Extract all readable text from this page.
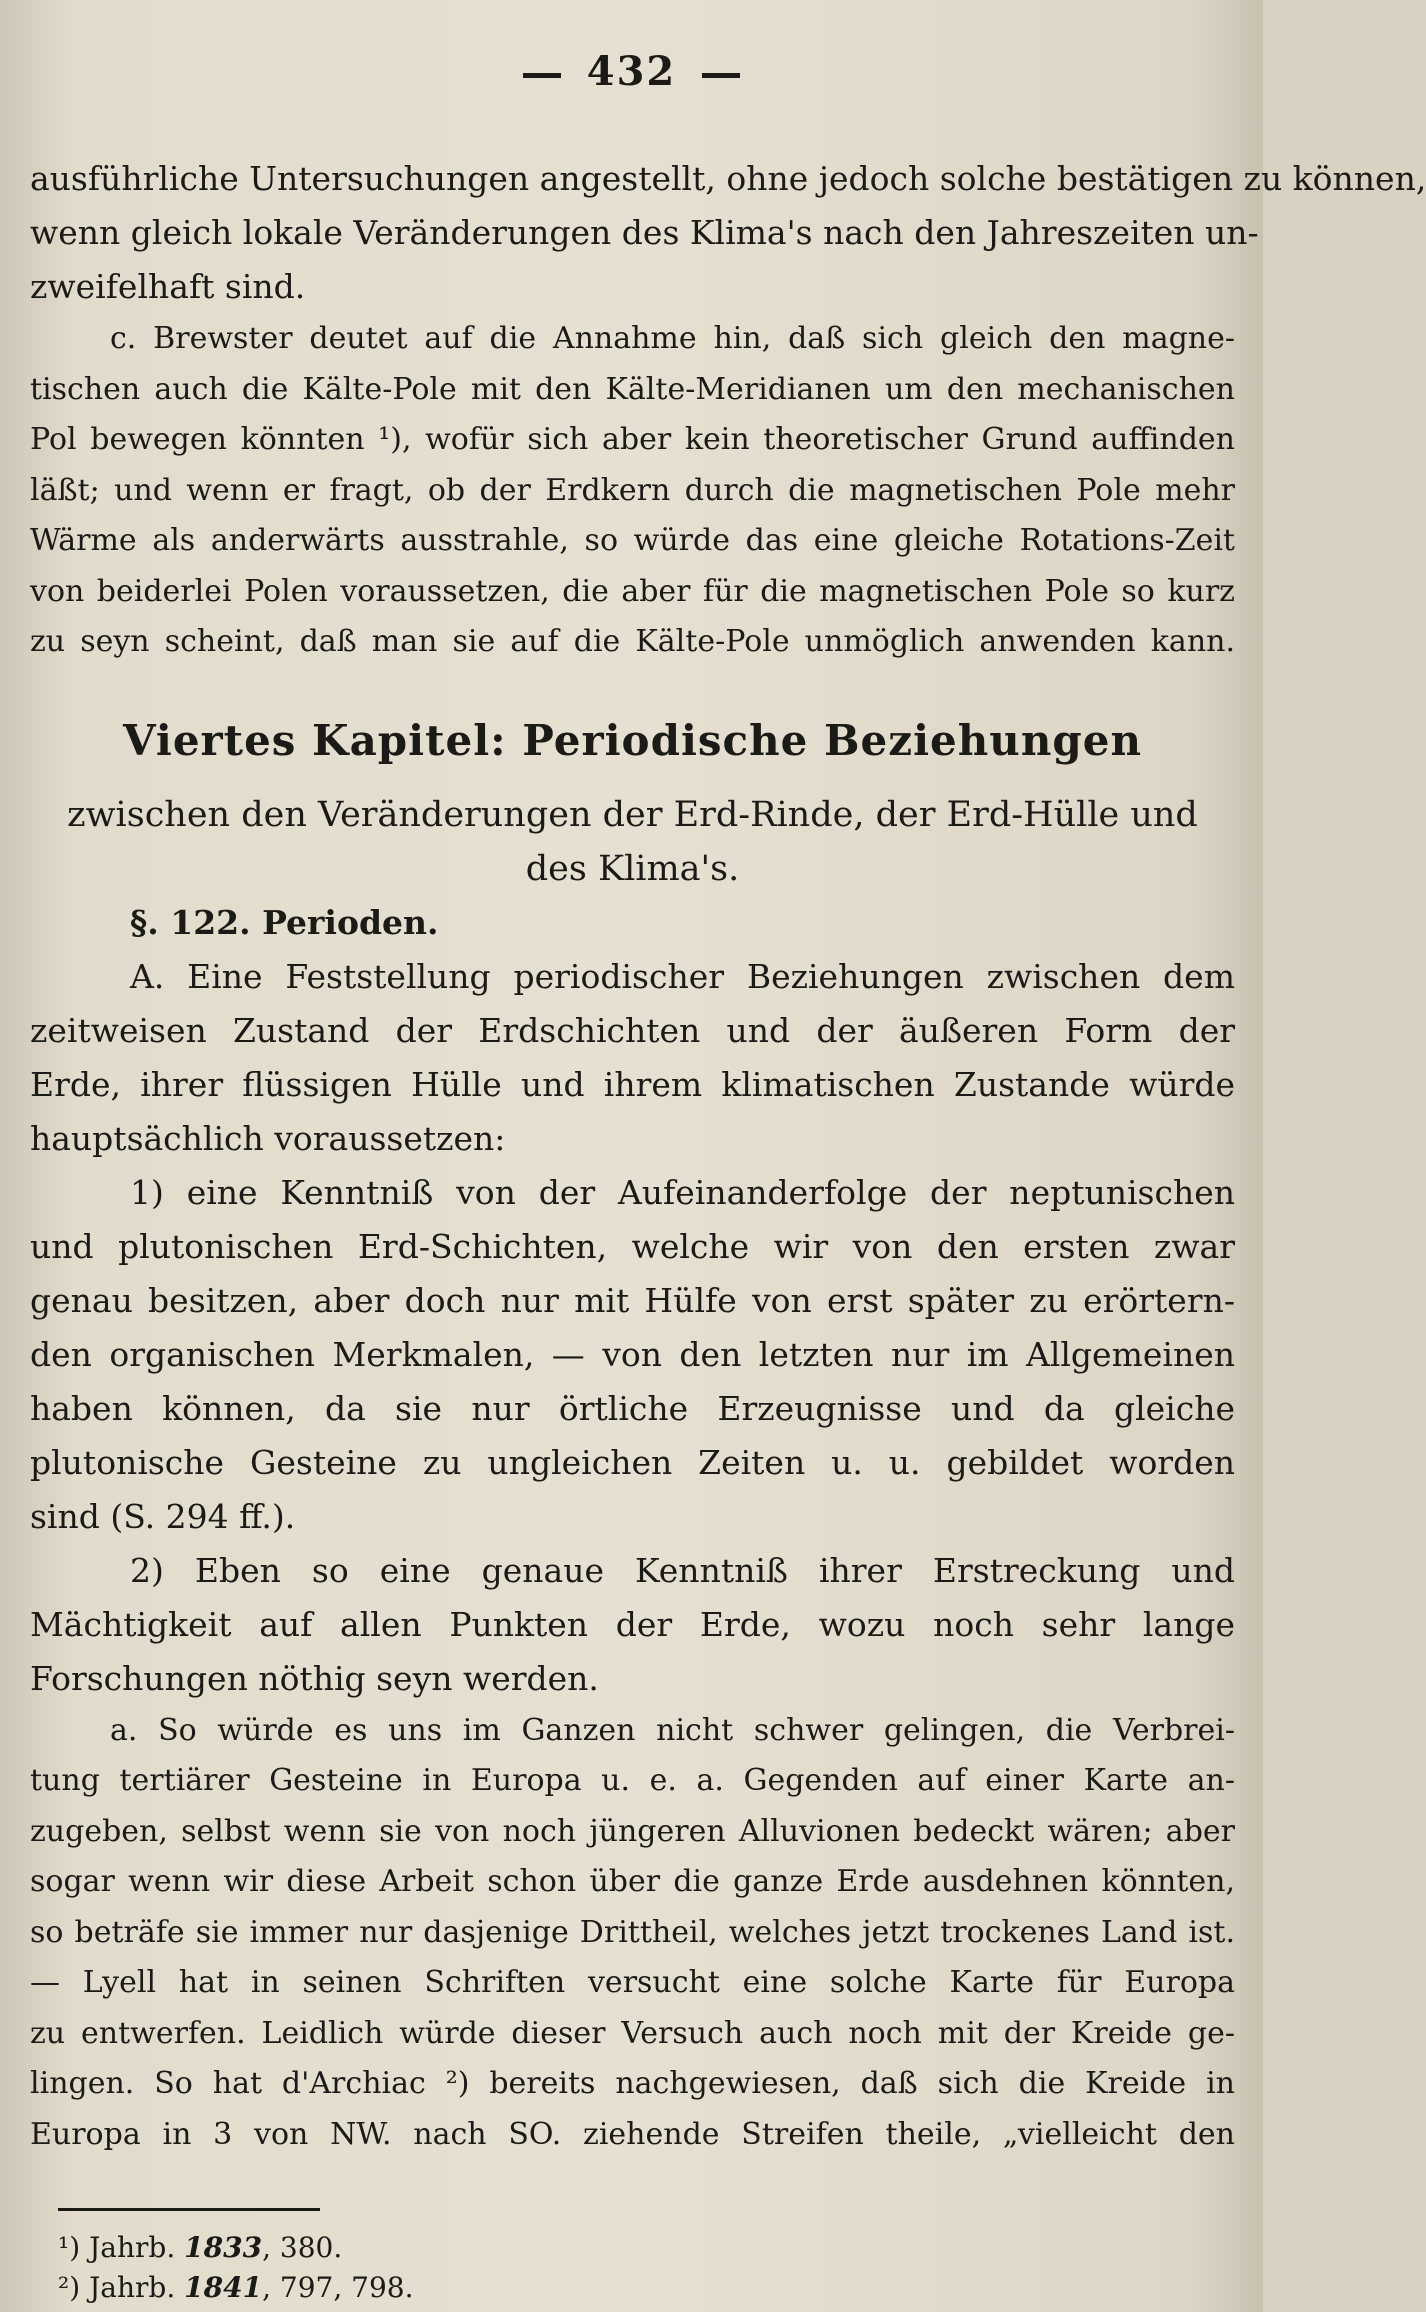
432
ausführliche Untersuchungen angestellt, ohne jedoch solche bestätigen zu können,
wenn gleich lokale Veränderungen des Klima's nach den Jahreszeiten un-
zweifelhaft sind.
c. Brewster deutet auf die Annahme hin, daß sich gleich den magne-
tischen auch die Kälte-Pole mit den Kälte-Meridianen um den mechanischen
Pol bewegen könnten ¹), wofür sich aber kein theoretischer Grund auffinden
läßt; und wenn er fragt, ob der Erdkern durch die magnetischen Pole mehr
Wärme als anderwärts ausstrahle, so würde das eine gleiche Rotations-Zeit
von beiderlei Polen voraussetzen, die aber für die magnetischen Pole so kurz
zu seyn scheint, daß man sie auf die Kälte-Pole unmöglich anwenden kann.
Viertes Kapitel: Periodische Beziehungen
zwischen den Veränderungen der Erd-Rinde, der Erd-Hülle und
des Klima's.
§. 122. Perioden.
A. Eine Feststellung periodischer Beziehungen zwischen dem
zeitweisen Zustand der Erdschichten und der äußeren Form der
Erde, ihrer flüssigen Hülle und ihrem klimatischen Zustande würde
hauptsächlich voraussetzen:
1) eine Kenntniß von der Aufeinanderfolge der neptunischen
und plutonischen Erd-Schichten, welche wir von den ersten zwar
genau besitzen, aber doch nur mit Hülfe von erst später zu erörtern-
den organischen Merkmalen, — von den letzten nur im Allgemeinen
haben können, da sie nur örtliche Erzeugnisse und da gleiche
plutonische Gesteine zu ungleichen Zeiten u. u. gebildet worden
sind (S. 294 ff.).
2) Eben so eine genaue Kenntniß ihrer Erstreckung und
Mächtigkeit auf allen Punkten der Erde, wozu noch sehr lange
Forschungen nöthig seyn werden.
a. So würde es uns im Ganzen nicht schwer gelingen, die Verbrei-
tung tertiärer Gesteine in Europa u. e. a. Gegenden auf einer Karte an-
zugeben, selbst wenn sie von noch jüngeren Alluvionen bedeckt wären; aber
sogar wenn wir diese Arbeit schon über die ganze Erde ausdehnen könnten,
so beträfe sie immer nur dasjenige Drittheil, welches jetzt trockenes Land ist.
— Lyell hat in seinen Schriften versucht eine solche Karte für Europa
zu entwerfen. Leidlich würde dieser Versuch auch noch mit der Kreide ge-
lingen. So hat d'Archiac ²) bereits nachgewiesen, daß sich die Kreide in
Europa in 3 von NW. nach SO. ziehende Streifen theile, „vielleicht den
¹) Jahrb. 1833, 380.
²) Jahrb. 1841, 797, 798.
